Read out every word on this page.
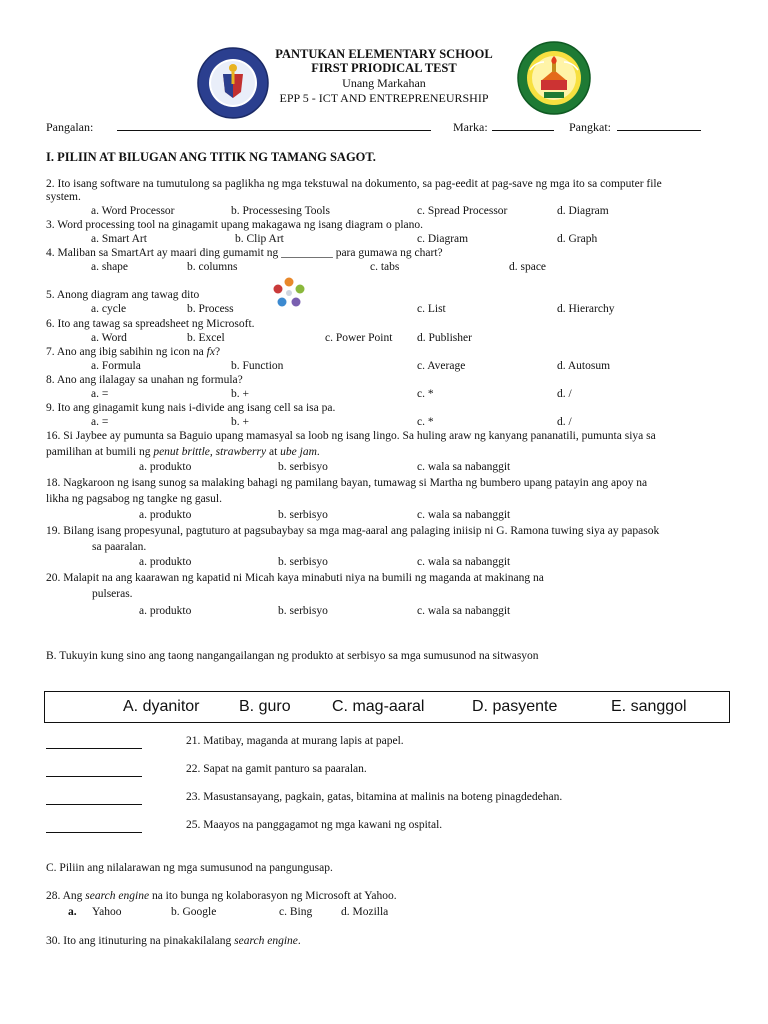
PANTUKAN ELEMENTARY SCHOOL
FIRST PRIODICAL TEST
Unang Markahan
EPP 5 - ICT AND ENTREPRENEURSHIP
Pangalan:	Marka:	Pangkat:
I. PILIIN AT BILUGAN ANG TITIK NG TAMANG SAGOT.
2. Ito isang software na tumutulong sa paglikha ng mga tekstuwal na dokumento, sa pag-eedit at pag-save ng mga ito sa computer file
system.
a. Word Processor	b. Processesing Tools	c. Spread Processor	d. Diagram
3. Word processing tool na ginagamit upang makagawa ng isang diagram o plano.
a. Smart Art	b. Clip Art	c. Diagram	d. Graph
4. Maliban sa SmartArt ay maari ding gumamit ng _________ para gumawa ng chart?
a. shape	b. columns	c. tabs	d. space
5. Anong diagram ang tawag dito
a. cycle	b. Process	c. List	d. Hierarchy
6. Ito ang tawag sa spreadsheet ng Microsoft.
a. Word	b. Excel	c. Power Point d. Publisher
7. Ano ang ibig sabihin ng icon na fx?
a. Formula	b. Function	c. Average	d. Autosum
8. Ano ang ilalagay sa unahan ng formula?
a. =	b. +	c. *	d. /
9. Ito ang ginagamit kung nais i-divide ang isang cell sa isa pa.
a. =	b. +	c. *	d. /
16. Si Jaybee ay pumunta sa Baguio upang mamasyal sa loob ng isang lingo. Sa huling araw ng kanyang pananatili, pumunta siya sa
pamilihan at bumili ng penut brittle, strawberry at ube jam.
a. produkto	b. serbisyo	c. wala sa nabanggit
18. Nagkaroon ng isang sunog sa malaking bahagi ng pamilang bayan, tumawag si Martha ng bumbero upang patayin ang apoy na
likha ng pagsabog ng tangke ng gasul.
a. produkto	b. serbisyo	c. wala sa nabanggit
19. Bilang isang propesyunal, pagtuturo at pagsubaybay sa mga mag-aaral ang palaging iniisip ni G. Ramona tuwing siya ay papasok
sa paaralan.
a. produkto	b. serbisyo	c. wala sa nabanggit
20. Malapit na ang kaarawan ng kapatid ni Micah kaya minabuti niya na bumili ng maganda at makinang na
pulseras.
a. produkto	b. serbisyo	c. wala sa nabanggit
B. Tukuyin kung sino ang taong nangangailangan ng produkto at serbisyo sa mga sumusunod na sitwasyon
A. dyanitor B. guro	C. mag-aaral	D. pasyente	E. sanggol
21. Matibay, maganda at murang lapis at papel.
22. Sapat na gamit panturo sa paaralan.
23. Masustansayang, pagkain, gatas, bitamina at malinis na boteng pinagdedehan.
25. Maayos na panggagamot ng mga kawani ng ospital.
C. Piliin ang nilalarawan ng mga sumusunod na pangungusap.
28. Ang search engine na ito bunga ng kolaborasyon ng Microsoft at Yahoo.
a. Yahoo	b. Google	c. Bing	d. Mozilla
30. Ito ang itinuturing na pinakakilalang search engine.
